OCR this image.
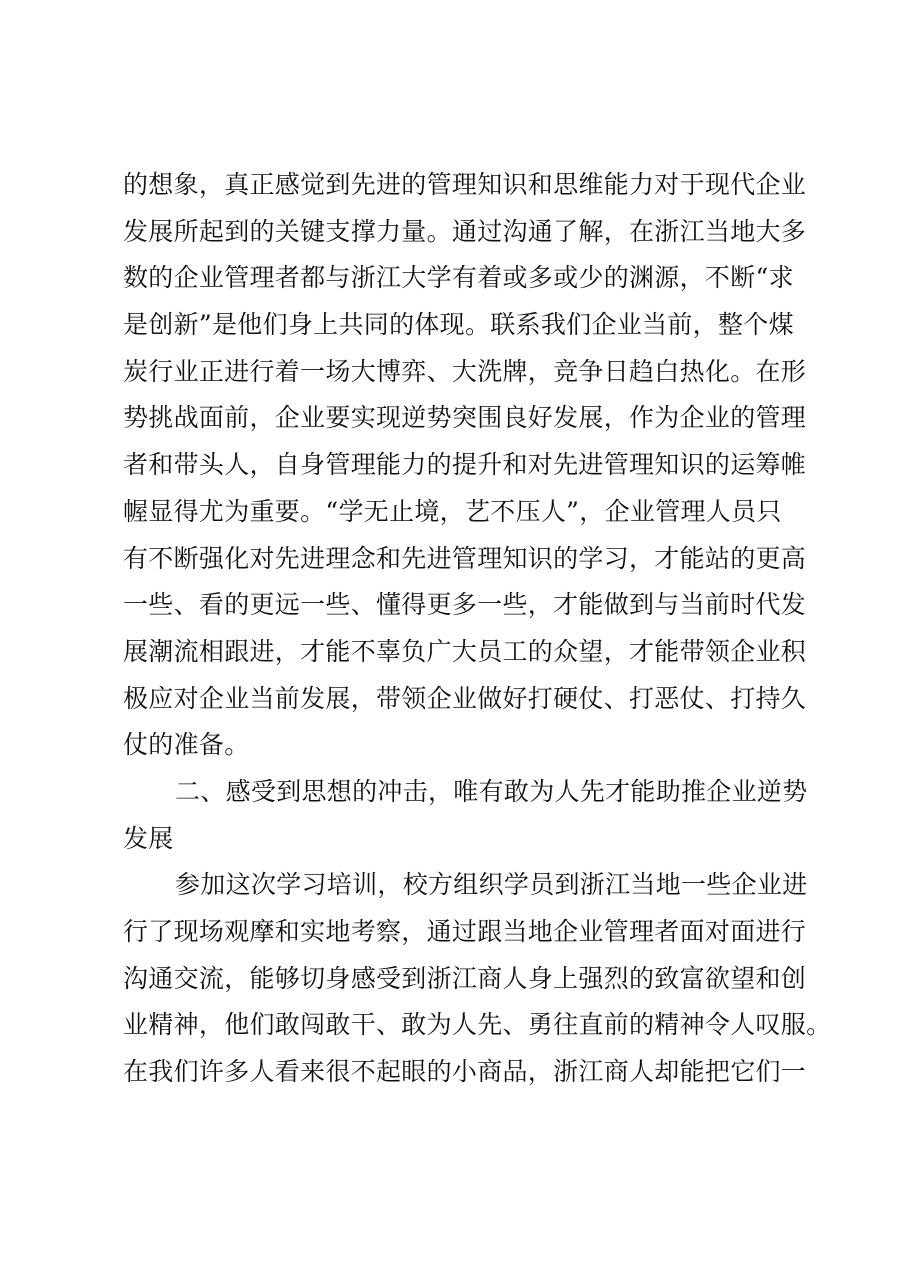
的想象，真正感觉到先进的管理知识和思维能力对于现代企业
发展所起到的关键支撑力量。通过沟通了解，在浙江当地大多
数的企业管理者都与浙江大学有着或多或少的渊源，不断“求
是创新”是他们身上共同的体现。联系我们企业当前，整个煤
炭行业正进行着一场大博弈、大洗牌，竞争日趋白热化。在形
势挑战面前，企业要实现逆势突围良好发展，作为企业的管理
者和带头人，自身管理能力的提升和对先进管理知识的运筹帷
幄显得尤为重要。“学无止境，艺不压人”，企业管理人员只
有不断强化对先进理念和先进管理知识的学习，才能站的更高
一些、看的更远一些、懂得更多一些，才能做到与当前时代发
展潮流相跟进，才能不辜负广大员工的众望，才能带领企业积
极应对企业当前发展，带领企业做好打硬仗、打恶仗、打持久
仗的准备。
二、感受到思想的冲击，唯有敢为人先才能助推企业逆势
发展
参加这次学习培训，校方组织学员到浙江当地一些企业进
行了现场观摩和实地考察，通过跟当地企业管理者面对面进行
沟通交流，能够切身感受到浙江商人身上强烈的致富欲望和创
业精神，他们敢闯敢干、敢为人先、勇往直前的精神令人叹服。
在我们许多人看来很不起眼的小商品，浙江商人却能把它们一
